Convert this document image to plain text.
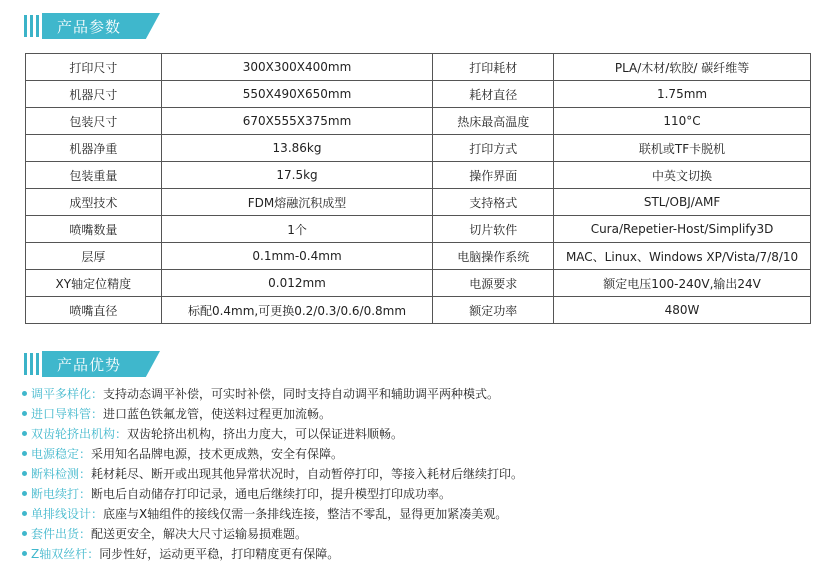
产品参数
打印尺寸	300X300X400mm	打印耗材	PLA/木材/软胶/ 碳纤维等
机器尺寸	550X490X650mm	耗材直径	1.75mm
包装尺寸	670X555X375mm	热床最高温度	110°C
机器净重	13.86kg	打印方式	联机或TF卡脱机
包装重量	17.5kg	操作界面	中英文切换
成型技术	FDM熔融沉积成型	支持格式	STL/OBJ/AMF
喷嘴数量	1个	切片软件	Cura/Repetier-Host/Simplify3D
层厚	0.1mm-0.4mm	电脑操作系统	MAC、Linux、Windows XP/Vista/7/8/10
XY轴定位精度	0.012mm	电源要求	额定电压100-240V,输出24V
喷嘴直径	标配0.4mm,可更换0.2/0.3/0.6/0.8mm	额定功率	480W
产品优势
调平多样化：支持动态调平补偿，可实时补偿，同时支持自动调平和辅助调平两种模式。
进口导料管：进口蓝色铁氟龙管，使送料过程更加流畅。
双齿轮挤出机构：双齿轮挤出机构，挤出力度大，可以保证进料顺畅。
电源稳定：采用知名品牌电源，技术更成熟，安全有保障。
断料检测：耗材耗尽、断开或出现其他异常状况时，自动暂停打印，等接入耗材后继续打印。
断电续打：断电后自动储存打印记录，通电后继续打印，提升模型打印成功率。
单排线设计：底座与X轴组件的接线仅需一条排线连接，整洁不零乱，显得更加紧凑美观。
套件出货：配送更安全，解决大尺寸运输易损难题。
Z轴双丝杆：同步性好，运动更平稳，打印精度更有保障。
